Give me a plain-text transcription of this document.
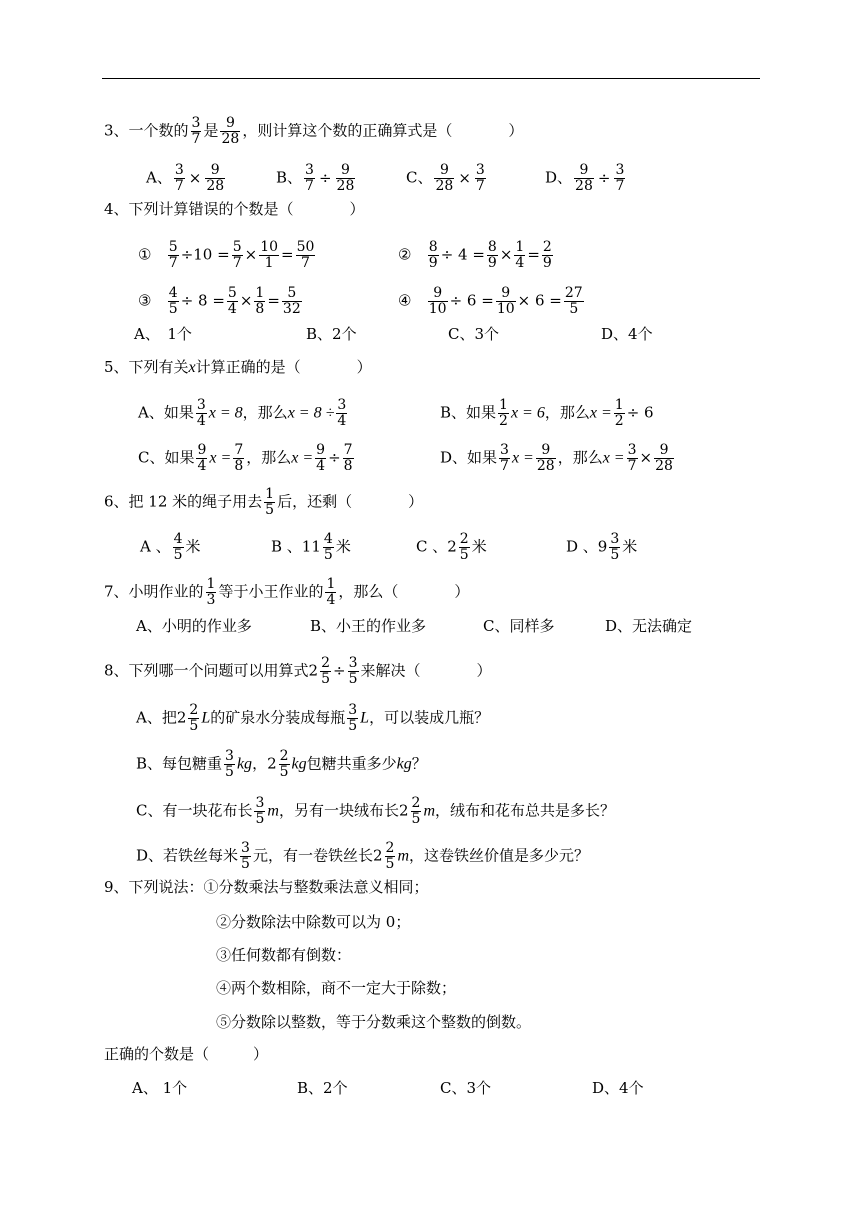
3、一个数的 $\frac{3}{7}$ 是 $\frac{9}{28}$ ，则计算这个数的正确算式是（	）
A、 $\frac{3}{7} \times \frac{9}{28}$	B、 $\frac{3}{7} \div \frac{9}{28}$	C、 $\frac{9}{28} \times \frac{3}{7}$	D、 $\frac{9}{28} \div \frac{3}{7}$
4、下列计算错误的个数是（	）
① $\frac{5}{7} \div 10 = \frac{5}{7} \times \frac{10}{1} = \frac{50}{7}$	② $\frac{8}{9} \div 4 = \frac{8}{9} \times \frac{1}{4} = \frac{2}{9}$
③ $\frac{4}{5} \div 8 = \frac{5}{4} \times \frac{1}{8} = \frac{5}{32}$	④ $\frac{9}{10} \div 6 = \frac{9}{10} \times 6 = \frac{27}{5}$
A、　1个	B、2个	C、3个	D、4个
5、下列有关x计算正确的是（	）
A、如果 $\frac{3}{4}$ x = 8，那么$x = 8 \div \frac{3}{4}$	B、如果 $\frac{1}{2}$ x = 6，那么$x = \frac{1}{2} \div 6$
C、如果 $\frac{9}{4}$ $x = \frac{7}{8}$ ，那么$x = \frac{9}{4} \div \frac{7}{8}$	D、如果 $\frac{3}{7}$ $x = \frac{9}{28}$ ，那么$x = \frac{3}{7} \times \frac{9}{28}$
6、把 12 米的绳子用去 $\frac{1}{5}$ 后，还剩（	）
A 、 $\frac{4}{5}$ 米	B 、$11 \frac{4}{5}$ 米	C 、$2 \frac{2}{5}$ 米	D 、$9 \frac{3}{5}$ 米
7、小明作业的 $\frac{1}{3}$ 等于小王作业的 $\frac{1}{4}$ ，那么（	）
A、小明的作业多	B、小王的作业多	C、同样多	D、无法确定
8、下列哪一个问题可以用算式$2 \frac{2}{5} \div \frac{3}{5}$ 来解决（	）
A、把$2 \frac{2}{5}$ L的矿泉水分装成每瓶 $\frac{3}{5}$ L，可以装成几瓶？
B、每包糖重 $\frac{3}{5}$ kg，$2 \frac{2}{5}$ kg包糖共重多少kg？
C、有一块花布长 $\frac{3}{5}$ m，另有一块绒布长$2 \frac{2}{5}$ m，绒布和花布总共是多长？
D、若铁丝每米 $\frac{3}{5}$ 元，有一卷铁丝长$2 \frac{2}{5}$ m，这卷铁丝价值是多少元？
9、下列说法：①分数乘法与整数乘法意义相同；
②分数除法中除数可以为 0；
③任何数都有倒数：
④两个数相除，商不一定大于除数；
⑤分数除以整数，等于分数乘这个整数的倒数。
正确的个数是（	）
A、 1个	B、2个	C、3个	D、4个
